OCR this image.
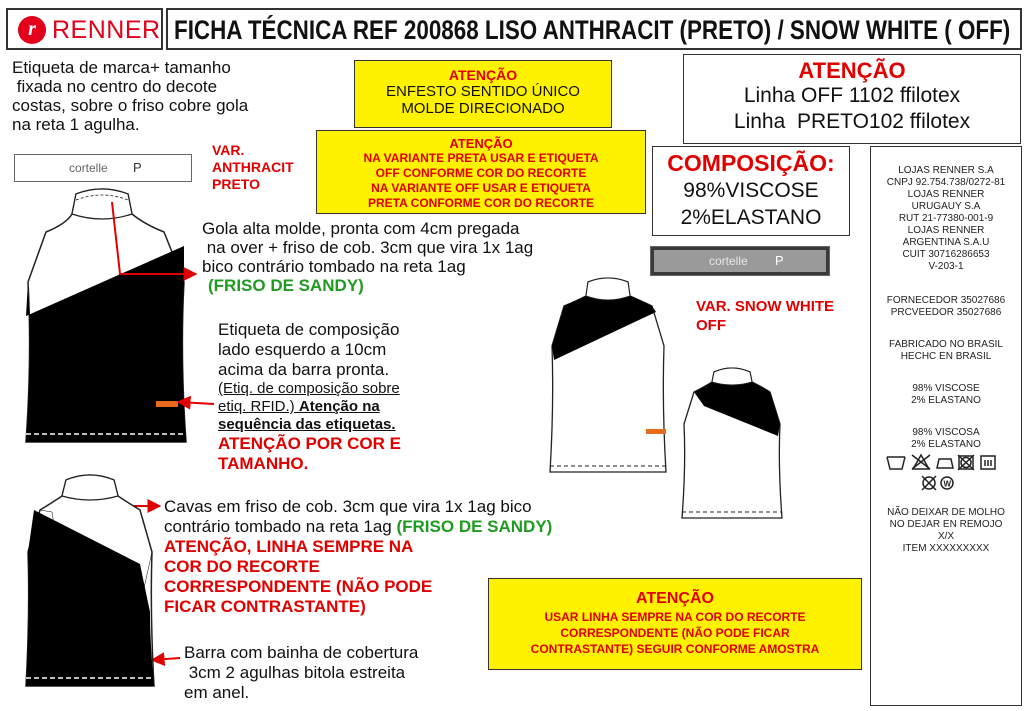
r RENNER FICHA TÉCNICA REF 200868 LISO ANTHRACIT (PRETO) / SNOW WHITE ( OFF)
Etiqueta de marca+ tamanho
fixada no centro do decote
costas, sobre o friso cobre gola
na reta 1 agulha.
cortelle P
VAR.
ANTHRACIT
PRETO
ATENÇÃO
ENFESTO SENTIDO ÚNICO
MOLDE DIRECIONADO
ATENÇÃO
NA VARIANTE PRETA USAR E ETIQUETA
OFF CONFORME COR DO RECORTE
NA VARIANTE OFF USAR E ETIQUETA
PRETA CONFORME COR DO RECORTE
ATENÇÃO
Linha OFF 1102 ffilotex
Linha  PRETO102 ffilotex
COMPOSIÇÃO:
98%VISCOSE
2%ELASTANO
cortelle P
LOJAS RENNER S.A
CNPJ 92.754.738/0272-81
LOJAS RENNER
URUGAUY S.A
RUT 21-77380-001-9
LOJAS RENNER
ARGENTINA S.A.U
CUIT 30716286653
V-203-1
FORNECEDOR 35027686
PRCVEEDOR 35027686
FABRICADO NO BRASIL
HECHC EN BRASIL
98% VISCOSE
2% ELASTANO
98% VISCOSA
2% ELASTANO
W
NÃO DEIXAR DE MOLHO
NO DEJAR EN REMOJO
X/X
ITEM XXXXXXXXX
Gola alta molde, pronta com 4cm pregada
na over + friso de cob. 3cm que vira 1x 1ag
bico contrário tombado na reta 1ag
(FRISO DE SANDY)
Etiqueta de composição
lado esquerdo a 10cm
acima da barra pronta.
(Etiq. de composição sobre
etiq. RFID.) Atenção na
sequência das etiquetas.
ATENÇÃO POR COR E
TAMANHO.
Cavas em friso de cob. 3cm que vira 1x 1ag bico
contrário tombado na reta 1ag (FRISO DE SANDY)
ATENÇÃO, LINHA SEMPRE NA
COR DO RECORTE
CORRESPONDENTE (NÃO PODE
FICAR CONTRASTANTE)
Barra com bainha de cobertura
3cm 2 agulhas bitola estreita
em anel.
ATENÇÃO
USAR LINHA SEMPRE NA COR DO RECORTE
CORRESPONDENTE (NÃO PODE FICAR
CONTRASTANTE) SEGUIR CONFORME AMOSTRA
VAR. SNOW WHITE
OFF
